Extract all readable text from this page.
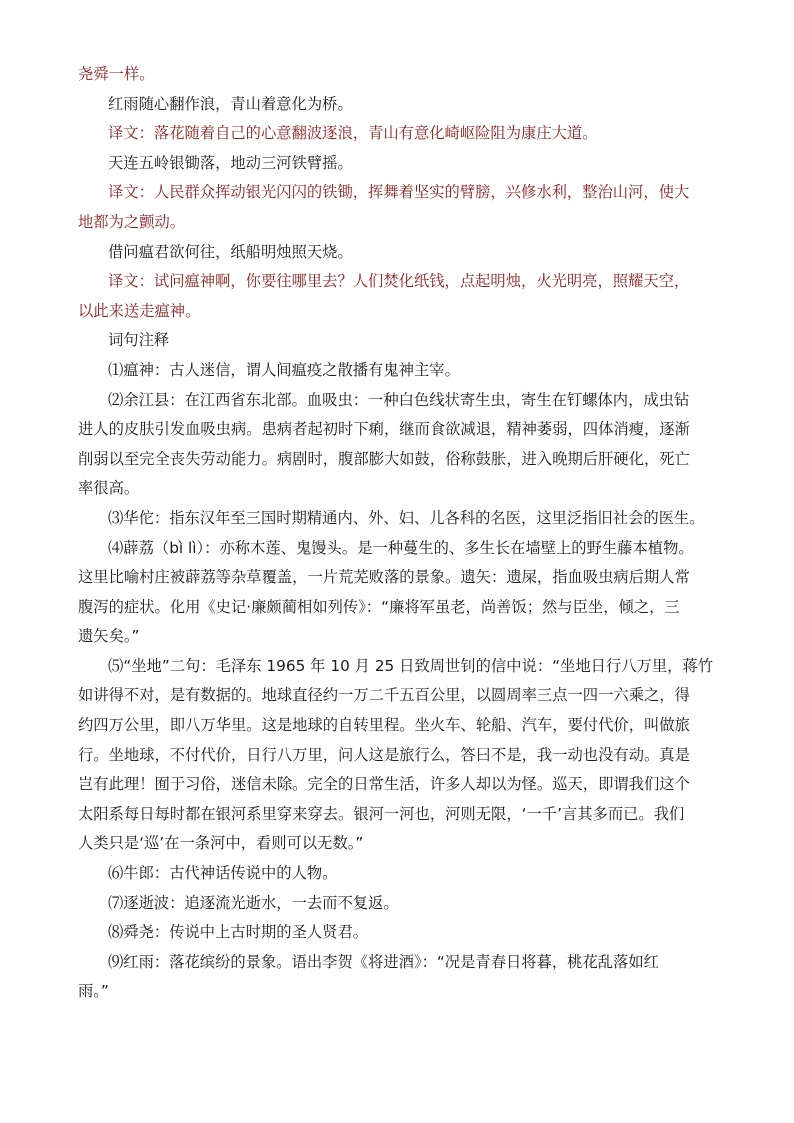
尧舜一样。

红雨随心翻作浪，青山着意化为桥。

译文：落花随着自己的心意翻波逐浪，青山有意化崎岖险阻为康庄大道。

天连五岭银锄落，地动三河铁臂摇。

译文：人民群众挥动银光闪闪的铁锄，挥舞着坚实的臂膀，兴修水利，整治山河，使大

地都为之颤动。

借问瘟君欲何往，纸船明烛照天烧。

译文：试问瘟神啊，你要往哪里去？人们焚化纸钱，点起明烛，火光明亮，照耀天空，

以此来送走瘟神。

词句注释

⑴瘟神：古人迷信，谓人间瘟疫之散播有鬼神主宰。

⑵余江县：在江西省东北部。血吸虫：一种白色线状寄生虫，寄生在钉螺体内，成虫钻

进人的皮肤引发血吸虫病。患病者起初时下痢，继而食欲减退，精神萎弱，四体消瘦，逐渐

削弱以至完全丧失劳动能力。病剧时，腹部膨大如鼓，俗称鼓胀，进入晚期后肝硬化，死亡

率很高。

⑶华佗：指东汉年至三国时期精通内、外、妇、儿各科的名医，这里泛指旧社会的医生。

⑷薜荔（bì lì）：亦称木莲、鬼馒头。是一种蔓生的、多生长在墙壁上的野生藤本植物。

这里比喻村庄被薜荔等杂草覆盖，一片荒芜败落的景象。遗矢：遗屎，指血吸虫病后期人常

腹泻的症状。化用《史记·廉颇蔺相如列传》：“廉将军虽老，尚善饭；然与臣坐，倾之，三

遗矢矣。”

⑸“坐地”二句：毛泽东 1965 年 10 月 25 日致周世钊的信中说：“坐地日行八万里，蒋竹

如讲得不对，是有数据的。地球直径约一万二千五百公里，以圆周率三点一四一六乘之，得

约四万公里，即八万华里。这是地球的自转里程。坐火车、轮船、汽车，要付代价，叫做旅

行。坐地球，不付代价，日行八万里，问人这是旅行么，答曰不是，我一动也没有动。真是

岂有此理！囿于习俗，迷信未除。完全的日常生活，许多人却以为怪。巡天，即谓我们这个

太阳系每日每时都在银河系里穿来穿去。银河一河也，河则无限，‘一千’言其多而已。我们

人类只是‘巡’在一条河中，看则可以无数。”

⑹牛郎：古代神话传说中的人物。

⑺逐逝波：追逐流光逝水，一去而不复返。

⑻舜尧：传说中上古时期的圣人贤君。

⑼红雨：落花缤纷的景象。语出李贺《将进酒》：“况是青春日将暮，桃花乱落如红

雨。”
